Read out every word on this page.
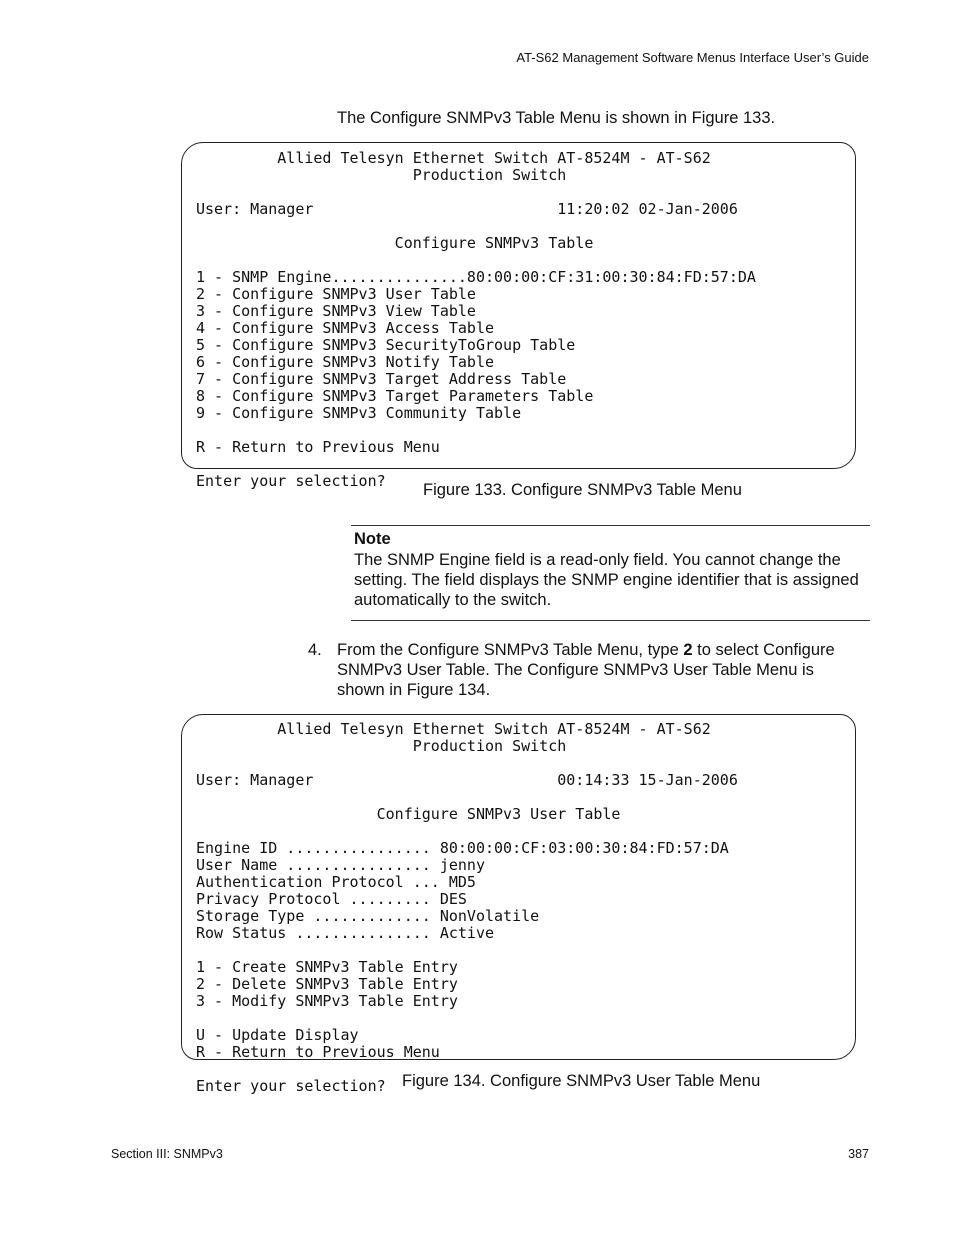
AT-S62 Management Software Menus Interface User’s Guide
The Configure SNMPv3 Table Menu is shown in Figure 133.
Allied Telesyn Ethernet Switch AT-8524M - AT-S62
Production Switch

User: Manager                           11:20:02 02-Jan-2006

Configure SNMPv3 Table

1 - SNMP Engine...............80:00:00:CF:31:00:30:84:FD:57:DA
2 - Configure SNMPv3 User Table
3 - Configure SNMPv3 View Table
4 - Configure SNMPv3 Access Table
5 - Configure SNMPv3 SecurityToGroup Table
6 - Configure SNMPv3 Notify Table
7 - Configure SNMPv3 Target Address Table
8 - Configure SNMPv3 Target Parameters Table
9 - Configure SNMPv3 Community Table

R - Return to Previous Menu

Enter your selection?	Figure 133. Configure SNMPv3 Table Menu
Note
The SNMP Engine field is a read-only field. You cannot change the setting. The field displays the SNMP engine identifier that is assigned automatically to the switch.
4. From the Configure SNMPv3 Table Menu, type 2 to select Configure SNMPv3 User Table. The Configure SNMPv3 User Table Menu is shown in Figure 134.
Allied Telesyn Ethernet Switch AT-8524M - AT-S62
Production Switch

User: Manager                           00:14:33 15-Jan-2006

Configure SNMPv3 User Table

Engine ID ................ 80:00:00:CF:03:00:30:84:FD:57:DA
User Name ................ jenny
Authentication Protocol ... MD5
Privacy Protocol ......... DES
Storage Type ............. NonVolatile
Row Status ............... Active

1 - Create SNMPv3 Table Entry
2 - Delete SNMPv3 Table Entry
3 - Modify SNMPv3 Table Entry

U - Update Display
R - Return to Previous Menu

Enter your selection? Figure 134. Configure SNMPv3 User Table Menu
Section III: SNMPv3	387
